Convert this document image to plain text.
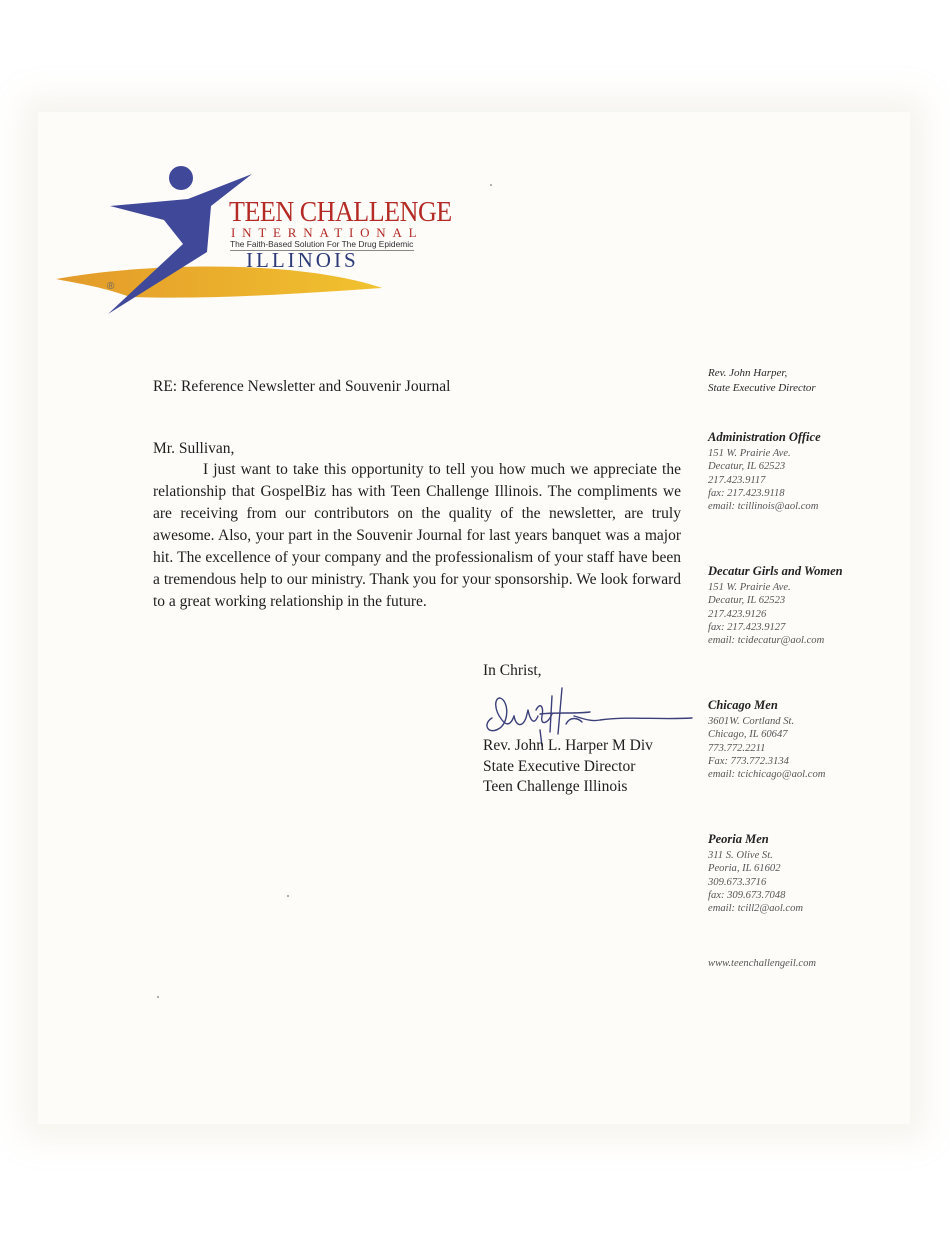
TEEN CHALLENGE
INTERNATIONAL
The Faith-Based Solution For The Drug Epidemic
ILLINOIS
®
RE: Reference Newsletter and Souvenir Journal
Mr. Sullivan,

I just want to take this opportunity to tell you how much we appreciate the relationship that GospelBiz has with Teen Challenge Illinois. The compliments we are receiving from our contributors on the quality of the newsletter, are truly awesome. Also, your part in the Souvenir Journal for last years banquet was a major hit. The excellence of your company and the professionalism of your staff have been a tremendous help to our ministry. Thank you for your sponsorship. We look forward to a great working relationship in the future.

In Christ,
Rev. John L. Harper M Div
State Executive Director
Teen Challenge Illinois
Rev. John Harper,
State Executive Director
Administration Office
151 W. Prairie Ave.
Decatur, IL 62523
217.423.9117
fax: 217.423.9118
email: tcillinois@aol.com
Decatur Girls and Women
151 W. Prairie Ave.
Decatur, IL 62523
217.423.9126
fax: 217.423.9127
email: tcidecatur@aol.com
Chicago Men
3601W. Cortland St.
Chicago, IL 60647
773.772.2211
Fax: 773.772.3134
email: tcichicago@aol.com
Peoria Men
311 S. Olive St.
Peoria, IL 61602
309.673.3716
fax: 309.673.7048
email: tcill2@aol.com
www.teenchallengeil.com
